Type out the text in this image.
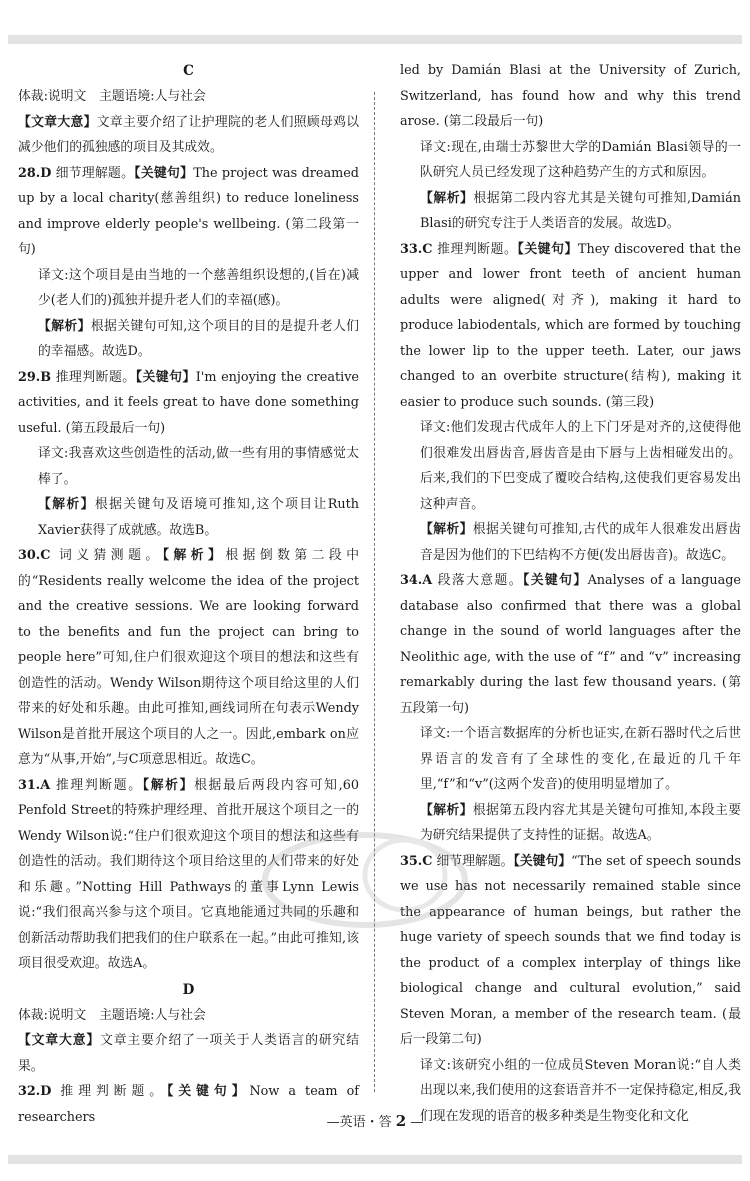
C

体裁:说明文　主题语境:人与社会

【文章大意】文章主要介绍了让护理院的老人们照顾母鸡以减少他们的孤独感的项目及其成效。

28.D 细节理解题。【关键句】The project was dreamed up by a local charity(慈善组织) to reduce loneliness and improve elderly people's wellbeing. (第二段第一句)

译文:这个项目是由当地的一个慈善组织设想的,(旨在)减少(老人们的)孤独并提升老人们的幸福(感)。

【解析】根据关键句可知,这个项目的目的是提升老人们的幸福感。故选D。

29.B 推理判断题。【关键句】I'm enjoying the creative activities, and it feels great to have done something useful. (第五段最后一句)

译文:我喜欢这些创造性的活动,做一些有用的事情感觉太棒了。

【解析】根据关键句及语境可推知,这个项目让Ruth Xavier获得了成就感。故选B。

30.C 词义猜测题。【解析】根据倒数第二段中的“Residents really welcome the idea of the project and the creative sessions. We are looking forward to the benefits and fun the project can bring to people here”可知,住户们很欢迎这个项目的想法和这些有创造性的活动。Wendy Wilson期待这个项目给这里的人们带来的好处和乐趣。由此可推知,画线词所在句表示Wendy Wilson是首批开展这个项目的人之一。因此,embark on应意为“从事,开始”,与C项意思相近。故选C。

31.A 推理判断题。【解析】根据最后两段内容可知,60 Penfold Street的特殊护理经理、首批开展这个项目之一的Wendy Wilson说:“住户们很欢迎这个项目的想法和这些有创造性的活动。我们期待这个项目给这里的人们带来的好处和乐趣。”Notting Hill Pathways的董事Lynn Lewis说:“我们很高兴参与这个项目。它真地能通过共同的乐趣和创新活动帮助我们把我们的住户联系在一起。”由此可推知,该项目很受欢迎。故选A。

D

体裁:说明文　主题语境:人与社会

【文章大意】文章主要介绍了一项关于人类语言的研究结果。

32.D 推理判断题。【关键句】Now a team of researchers

led by Damián Blasi at the University of Zurich, Switzerland, has found how and why this trend arose. (第二段最后一句)

译文:现在,由瑞士苏黎世大学的Damián Blasi领导的一队研究人员已经发现了这种趋势产生的方式和原因。

【解析】根据第二段内容尤其是关键句可推知,Damián Blasi的研究专注于人类语音的发展。故选D。

33.C 推理判断题。【关键句】They discovered that the upper and lower front teeth of ancient human adults were aligned(对齐), making it hard to produce labiodentals, which are formed by touching the lower lip to the upper teeth. Later, our jaws changed to an overbite structure(结构), making it easier to produce such sounds. (第三段)

译文:他们发现古代成年人的上下门牙是对齐的,这使得他们很难发出唇齿音,唇齿音是由下唇与上齿相碰发出的。后来,我们的下巴变成了覆咬合结构,这使我们更容易发出这种声音。

【解析】根据关键句可推知,古代的成年人很难发出唇齿音是因为他们的下巴结构不方便(发出唇齿音)。故选C。

34.A 段落大意题。【关键句】Analyses of a language database also confirmed that there was a global change in the sound of world languages after the Neolithic age, with the use of “f” and “v” increasing remarkably during the last few thousand years. (第五段第一句)

译文:一个语言数据库的分析也证实,在新石器时代之后世界语言的发音有了全球性的变化,在最近的几千年里,“f”和“v”(这两个发音)的使用明显增加了。

【解析】根据第五段内容尤其是关键句可推知,本段主要为研究结果提供了支持性的证据。故选A。

35.C 细节理解题。【关键句】“The set of speech sounds we use has not necessarily remained stable since the appearance of human beings, but rather the huge variety of speech sounds that we find today is the product of a complex interplay of things like biological change and cultural evolution,” said Steven Moran, a member of the research team. (最后一段第二句)

译文:该研究小组的一位成员Steven Moran说:“自人类出现以来,我们使用的这套语音并不一定保持稳定,相反,我们现在发现的语音的极多种类是生物变化和文化

—英语・答 2 —
